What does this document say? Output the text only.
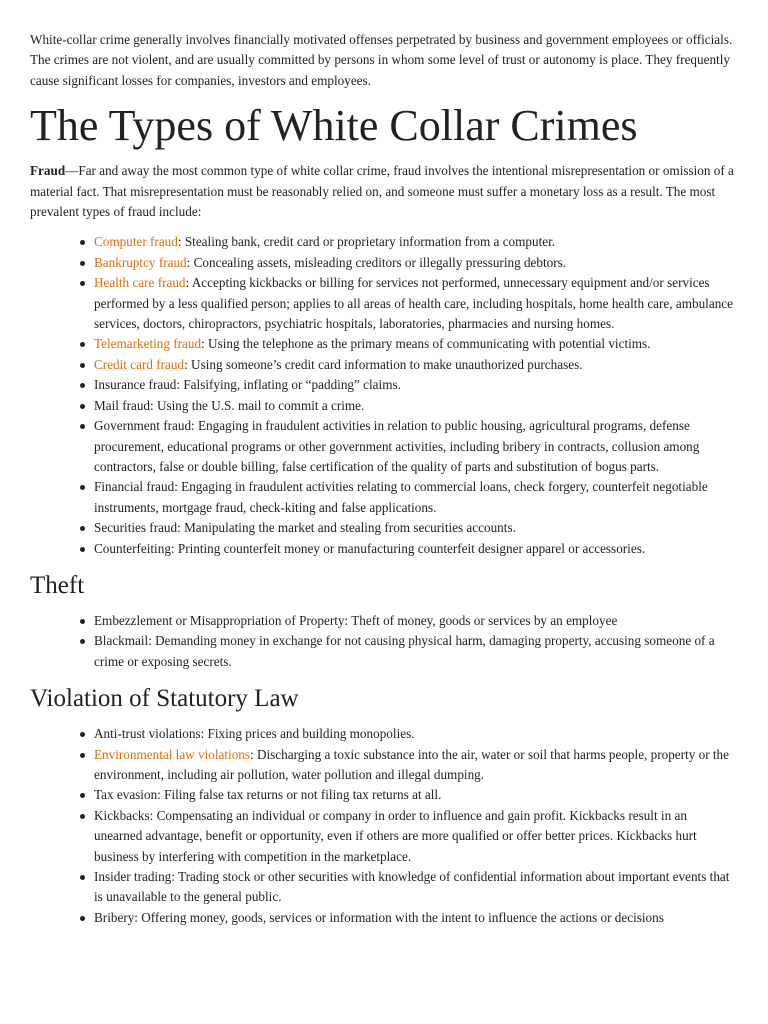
White-collar crime generally involves financially motivated offenses perpetrated by business and government employees or officials. The crimes are not violent, and are usually committed by persons in whom some level of trust or autonomy is place. They frequently cause significant losses for companies, investors and employees.

The Types of White Collar Crimes

Fraud—Far and away the most common type of white collar crime, fraud involves the intentional misrepresentation or omission of a material fact. That misrepresentation must be reasonably relied on, and someone must suffer a monetary loss as a result. The most prevalent types of fraud include:

Computer fraud: Stealing bank, credit card or proprietary information from a computer.
Bankruptcy fraud: Concealing assets, misleading creditors or illegally pressuring debtors.
Health care fraud: Accepting kickbacks or billing for services not performed, unnecessary equipment and/or services performed by a less qualified person; applies to all areas of health care, including hospitals, home health care, ambulance services, doctors, chiropractors, psychiatric hospitals, laboratories, pharmacies and nursing homes.
Telemarketing fraud: Using the telephone as the primary means of communicating with potential victims.
Credit card fraud: Using someone’s credit card information to make unauthorized purchases.
Insurance fraud: Falsifying, inflating or “padding” claims.
Mail fraud: Using the U.S. mail to commit a crime.
Government fraud: Engaging in fraudulent activities in relation to public housing, agricultural programs, defense procurement, educational programs or other government activities, including bribery in contracts, collusion among contractors, false or double billing, false certification of the quality of parts and substitution of bogus parts.
Financial fraud: Engaging in fraudulent activities relating to commercial loans, check forgery, counterfeit negotiable instruments, mortgage fraud, check-kiting and false applications.
Securities fraud: Manipulating the market and stealing from securities accounts.
Counterfeiting: Printing counterfeit money or manufacturing counterfeit designer apparel or accessories.
Theft
Embezzlement or Misappropriation of Property: Theft of money, goods or services by an employee
Blackmail: Demanding money in exchange for not causing physical harm, damaging property, accusing someone of a crime or exposing secrets.
Violation of Statutory Law
Anti-trust violations: Fixing prices and building monopolies.
Environmental law violations: Discharging a toxic substance into the air, water or soil that harms people, property or the environment, including air pollution, water pollution and illegal dumping.
Tax evasion: Filing false tax returns or not filing tax returns at all.
Kickbacks: Compensating an individual or company in order to influence and gain profit. Kickbacks result in an unearned advantage, benefit or opportunity, even if others are more qualified or offer better prices. Kickbacks hurt business by interfering with competition in the marketplace.
Insider trading: Trading stock or other securities with knowledge of confidential information about important events that is unavailable to the general public.
Bribery: Offering money, goods, services or information with the intent to influence the actions or decisions
